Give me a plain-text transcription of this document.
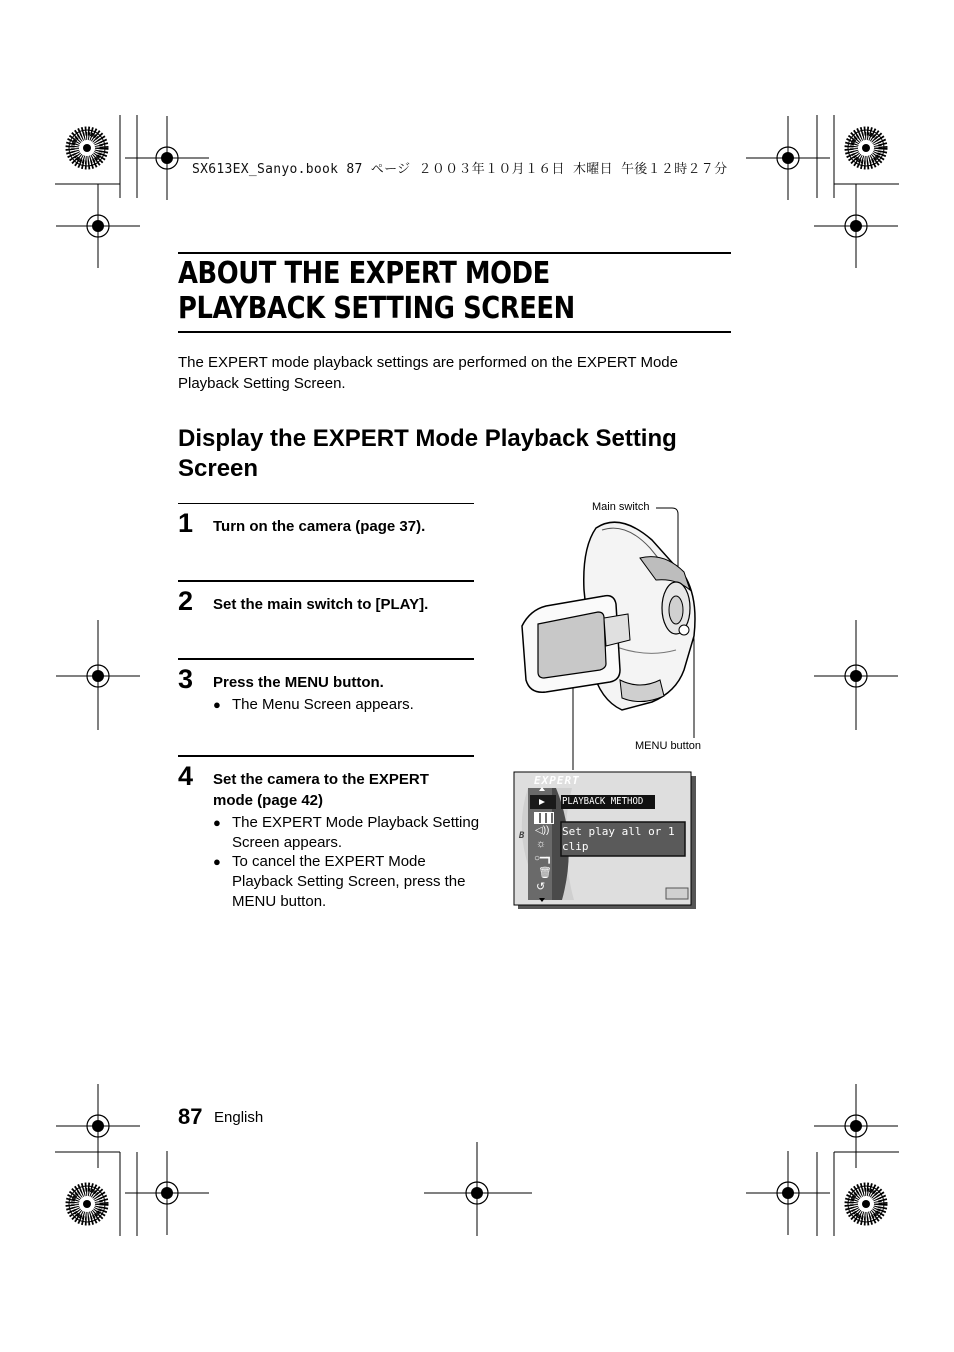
SX613EX_Sanyo.book 87 ページ ２００３年１０月１６日 木曜日 午後１２時２７分
ABOUT THE EXPERT MODE PLAYBACK SETTING SCREEN
The EXPERT mode playback settings are performed on the EXPERT Mode Playback Setting Screen.
Display the EXPERT Mode Playback Setting Screen
1 Turn on the camera (page 37).
2 Set the main switch to [PLAY].
3 Press the MENU button.
● The Menu Screen appears.
4 Set the camera to the EXPERT mode (page 42)
● The EXPERT Mode Playback Setting Screen appears.
● To cancel the EXPERT Mode Playback Setting Screen, press the MENU button.
Main switch
MENU button
EXPERT
B
PLAYBACK METHOD
Set play all or 1
clip
◁))
☼
○━┓
🗑
↺
87 English
